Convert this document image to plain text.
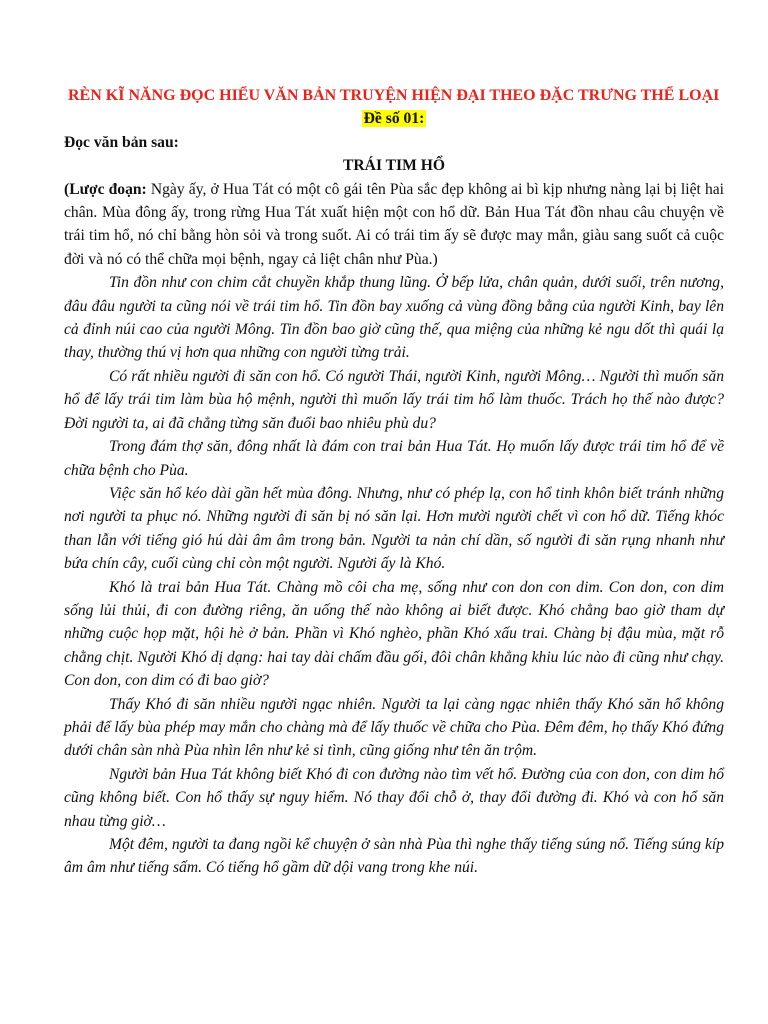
RÈN KĨ NĂNG ĐỌC HIỂU VĂN BẢN TRUYỆN HIỆN ĐẠI THEO ĐẶC TRƯNG THỂ LOẠI

Đề số 01:

Đọc văn bản sau:

TRÁI TIM HỔ

(Lược đoạn: Ngày ấy, ở Hua Tát có một cô gái tên Pùa sắc đẹp không ai bì kịp nhưng nàng lại bị liệt hai chân. Mùa đông ấy, trong rừng Hua Tát xuất hiện một con hổ dữ. Bản Hua Tát đồn nhau câu chuyện về trái tim hổ, nó chỉ bằng hòn sỏi và trong suốt. Ai có trái tim ấy sẽ được may mắn, giàu sang suốt cả cuộc đời và nó có thể chữa mọi bệnh, ngay cả liệt chân như Pùa.)

Tin đồn như con chim cắt chuyền khắp thung lũng. Ở bếp lửa, chân quản, dưới suối, trên nương, đâu đâu người ta cũng nói về trái tim hổ. Tin đồn bay xuống cả vùng đồng bằng của người Kinh, bay lên cả đỉnh núi cao của người Mông. Tin đồn bao giờ cũng thế, qua miệng của những kẻ ngu dốt thì quái lạ thay, thường thú vị hơn qua những con người từng trải.

Có rất nhiều người đi săn con hổ. Có người Thái, người Kinh, người Mông… Người thì muốn săn hổ để lấy trái tim làm bùa hộ mệnh, người thì muốn lấy trái tim hổ làm thuốc. Trách họ thế nào được? Đời người ta, ai đã chẳng từng săn đuổi bao nhiêu phù du?

Trong đám thợ săn, đông nhất là đám con trai bản Hua Tát. Họ muốn lấy được trái tim hổ để về chữa bệnh cho Pùa.

Việc săn hổ kéo dài gần hết mùa đông. Nhưng, như có phép lạ, con hổ tinh khôn biết tránh những nơi người ta phục nó. Những người đi săn bị nó săn lại. Hơn mười người chết vì con hổ dữ. Tiếng khóc than lẫn với tiếng gió hú dài âm âm trong bản. Người ta nản chí dần, số người đi săn rụng nhanh như bứa chín cây, cuối cùng chỉ còn một người. Người ấy là Khó.

Khó là trai bản Hua Tát. Chàng mồ côi cha mẹ, sống như con don con dim. Con don, con dim sống lủi thủi, đi con đường riêng, ăn uống thế nào không ai biết được. Khó chẳng bao giờ tham dự những cuộc họp mặt, hội hè ở bản. Phần vì Khó nghèo, phần Khó xấu trai. Chàng bị đậu mùa, mặt rỗ chằng chịt. Người Khó dị dạng: hai tay dài chấm đầu gối, đôi chân khẳng khiu lúc nào đi cũng như chạy. Con don, con dim có đi bao giờ?

Thấy Khó đi săn nhiều người ngạc nhiên. Người ta lại càng ngạc nhiên thấy Khó săn hổ không phải để lấy bùa phép may mắn cho chàng mà để lấy thuốc về chữa cho Pùa. Đêm đêm, họ thấy Khó đứng dưới chân sàn nhà Pùa nhìn lên như kẻ si tình, cũng giống như tên ăn trộm.

Người bản Hua Tát không biết Khó đi con đường nào tìm vết hổ. Đường của con don, con dim hổ cũng không biết. Con hổ thấy sự nguy hiểm. Nó thay đổi chỗ ở, thay đổi đường đi. Khó và con hổ săn nhau từng giờ…

Một đêm, người ta đang ngồi kể chuyện ở sàn nhà Pùa thì nghe thấy tiếng súng nổ. Tiếng súng kíp âm âm như tiếng sấm. Có tiếng hổ gầm dữ dội vang trong khe núi.
